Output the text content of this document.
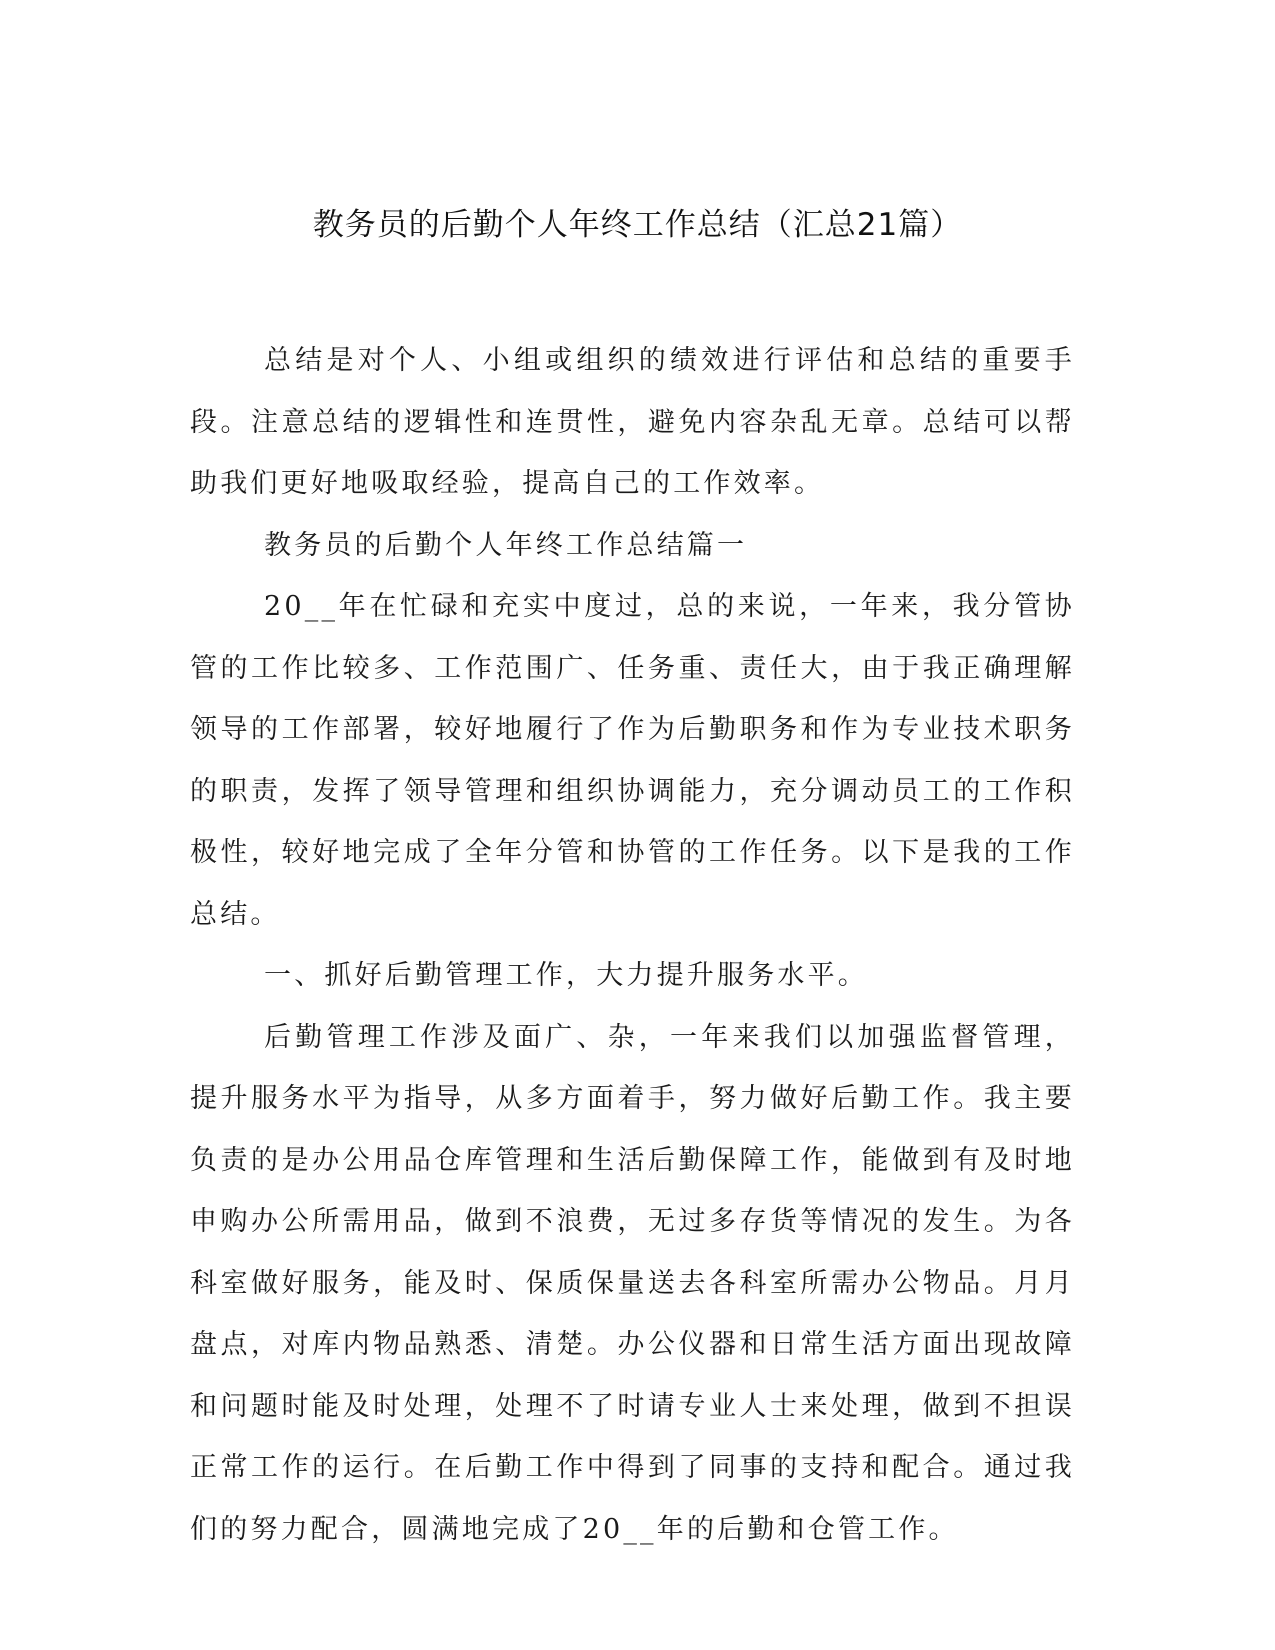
教务员的后勤个人年终工作总结（汇总21篇）

总结是对个人、小组或组织的绩效进行评估和总结的重要手段。注意总结的逻辑性和连贯性，避免内容杂乱无章。总结可以帮助我们更好地吸取经验，提高自己的工作效率。

教务员的后勤个人年终工作总结篇一

20__年在忙碌和充实中度过，总的来说，一年来，我分管协管的工作比较多、工作范围广、任务重、责任大，由于我正确理解领导的工作部署，较好地履行了作为后勤职务和作为专业技术职务的职责，发挥了领导管理和组织协调能力，充分调动员工的工作积极性，较好地完成了全年分管和协管的工作任务。以下是我的工作总结。

一、抓好后勤管理工作，大力提升服务水平。

后勤管理工作涉及面广、杂，一年来我们以加强监督管理，提升服务水平为指导，从多方面着手，努力做好后勤工作。我主要负责的是办公用品仓库管理和生活后勤保障工作，能做到有及时地申购办公所需用品，做到不浪费，无过多存货等情况的发生。为各科室做好服务，能及时、保质保量送去各科室所需办公物品。月月盘点，对库内物品熟悉、清楚。办公仪器和日常生活方面出现故障和问题时能及时处理，处理不了时请专业人士来处理，做到不担误正常工作的运行。在后勤工作中得到了同事的支持和配合。通过我们的努力配合，圆满地完成了20__年的后勤和仓管工作。
